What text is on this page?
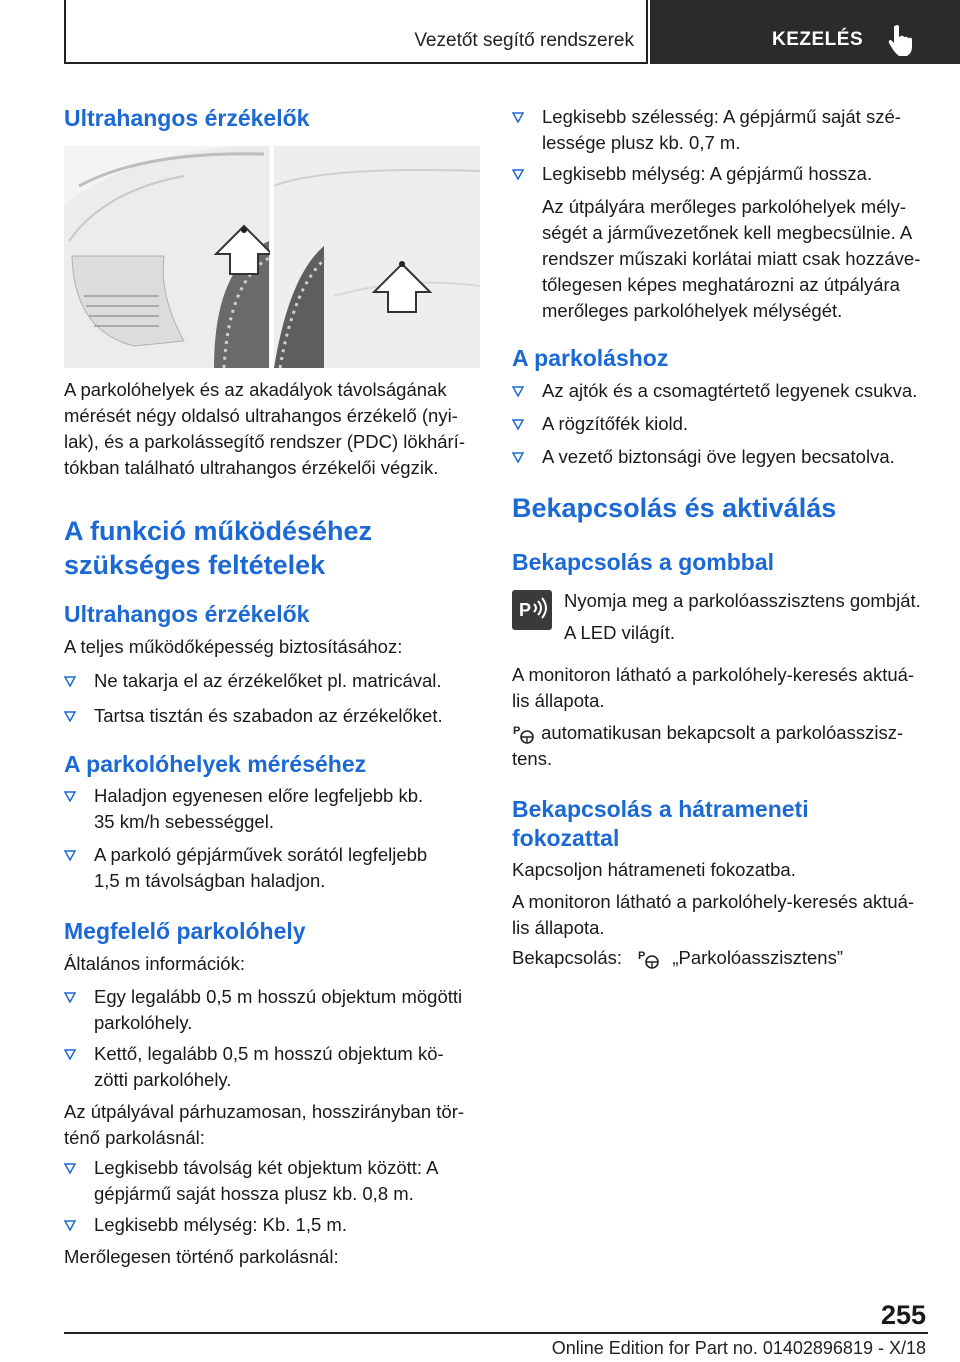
Vezetőt segítő rendszerek	KEZELÉS
Ultrahangos érzékelők
A parkolóhelyek és az akadályok távolságának
mérését négy oldalsó ultrahangos érzékelő (nyi-
lak), és a parkolássegítő rendszer (PDC) lökhárí-
tókban található ultrahangos érzékelői végzik.
A funkció működéséhez
szükséges feltételek
Ultrahangos érzékelők
A teljes működőképesség biztosításához:
Ne takarja el az érzékelőket pl. matricával.
Tartsa tisztán és szabadon az érzékelőket.
A parkolóhelyek méréséhez
Haladjon egyenesen előre legfeljebb kb.
35 km/h sebességgel.
A parkoló gépjárművek sorától legfeljebb
1,5 m távolságban haladjon.
Megfelelő parkolóhely
Általános információk:
Egy legalább 0,5 m hosszú objektum mögötti
parkolóhely.
Kettő, legalább 0,5 m hosszú objektum kö-
zötti parkolóhely.
Az útpályával párhuzamosan, hosszirányban tör-
ténő parkolásnál:
Legkisebb távolság két objektum között: A
gépjármű saját hossza plusz kb. 0,8 m.
Legkisebb mélység: Kb. 1,5 m.
Merőlegesen történő parkolásnál:
Legkisebb szélesség: A gépjármű saját szé-
lessége plusz kb. 0,7 m.
Legkisebb mélység: A gépjármű hossza.
Az útpályára merőleges parkolóhelyek mély-
ségét a járművezetőnek kell megbecsülnie. A
rendszer műszaki korlátai miatt csak hozzáve-
tőlegesen képes meghatározni az útpályára
merőleges parkolóhelyek mélységét.
A parkoláshoz
Az ajtók és a csomagtértető legyenek csukva.
A rögzítőfék kiold.
A vezető biztonsági öve legyen becsatolva.
Bekapcsolás és aktiválás
Bekapcsolás a gombbal
P Nyomja meg a parkolóasszisztens gombját.
A LED világít.
A monitoron látható a parkolóhely-keresés aktuá-
lis állapota.
P automatikusan bekapcsolt a parkolóasszisz-
tens.
Bekapcsolás a hátrameneti
fokozattal
Kapcsoljon hátrameneti fokozatba.
A monitoron látható a parkolóhely-keresés aktuá-
lis állapota.
Bekapcsolás: P „Parkolóasszisztens”
255
Online Edition for Part no. 01402896819 - X/18
